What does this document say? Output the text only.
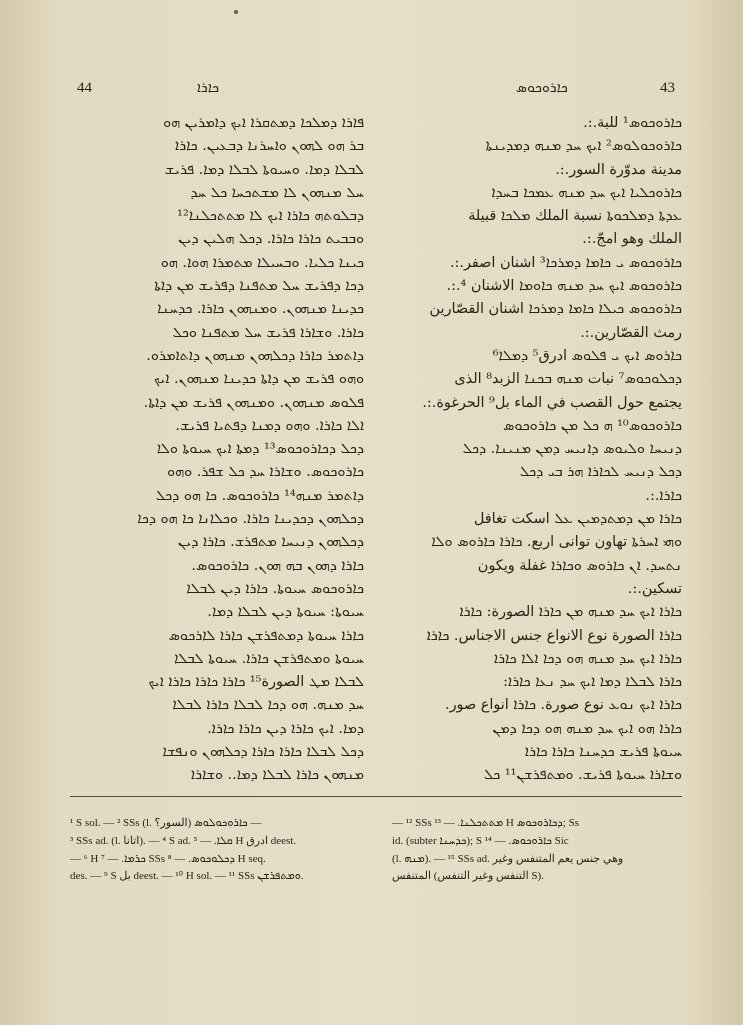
44	ܟܐܪܐ	ܟܐܪܘܟܘܣ	43
ܦܐܪܐ ܕܡܠܟܐ ܕܡܬܩܪܐ ܐܝܟ ܕܐܡܪܝܢ ܗܘ
ܒܪ ܗܘ ܠܗܘܢ ܘܐܚܪܢܐ ܕܒܥܝܢ. ܟܐܪܐ
ܠܒܠܐ ܕܡܐ. ܘܚܝܘܬܐ ܠܒܠܐ ܕܡܐ. ܦܪܝܫ
ܚܠ ܡܢܗܘܢ ܠܐ ܡܫܬܟܚܐ ܟܠ ܚܕ
ܕܒܠܘܬܗ ܟܐܪܐ ܐܝܟ ܠܐ ܡܬܬܟܠܢܐ¹²
ܘܒܒܝܬ ܟܐܪܐ ܟܐܪܐ. ܕܟܠ ܗܠܝܢ ܕܝܢ
ܟܝܢܐ ܟܠܝܐ. ܘܒܚܝܠܐ ܡܬܡܪܐ ܗܘܐ. ܗܘ
ܕܟܐ ܕܦܪܝܫ ܚܠ ܡܬܦܢܐ ܕܦܪܝܫ ܡܢ ܕܐܬܐ
ܟܕܝܢܐ ܡܢܗܘܢ. ܘܡܢܗܘܢ ܟܐܪܐ. ܟܕܚܢܐ
ܟܐܪܐ. ܘܫܐܪܐ ܦܪܝܫ ܚܠ ܡܬܦܢܐ ܘܟܠ
ܕܐܬܡܪ ܟܐܪܐ ܕܟܠܗܘܢ ܡܢܗܘܢ ܕܐܬܐܡܪܘ.
ܘܗܘ ܦܪܝܫ ܡܢ ܕܐܬܐ ܟܕܝܢܐ ܡܢܗܘܢ. ܐܝܟ
ܦܠܘܣ ܡܢܗܘܢ. ܘܡܢܗܘܢ ܦܪܝܫ ܡܢ ܕܐܬܐ.
ܐܠܐ ܟܐܪܐ. ܘܗܘ ܕܡܢܐ ܕܦܬܝܐ ܦܪܝܫ.
ܕܟܠ ܕܟܐܪܘܟܘܣ¹³ ܕܡܬܐ ܐܝܟ ܚܝܘܬܐ ܘܠܐ
ܟܐܪܘܟܘܣ. ܘܫܐܪܐ ܚܕ ܟܠ ܫܦܪ. ܘܗܘ
ܕܐܬܡܪ ܡܢܗ¹⁴ ܟܐܪܘܟܘܣ. ܟܐ ܗܘ ܕܟܠ
ܕܟܠܗܘܢ ܕܟܕܝܢܐ ܟܐܪܐ. ܘܟܠܐܢܐ ܟܐ ܗܘ ܕܟܐ
ܕܟܠܗܘܢ ܕܢܝܚܐ ܡܬܦܪܫ. ܟܐܪܐ ܕܝܢ
ܟܐܪܐ ܕܗܘܢ ܒܗ ܗܘܢ. ܟܐܪܘܟܘܣ.
ܟܐܪܘܟܘܣ ܚܝܘܬܐ. ܟܐܪܐ ܕܝܢ ܠܒܠܐ
ܚܝܘܬܐ: ܚܝܘܬܐ ܕܝܢ ܠܒܠܐ ܕܡܐ.
ܟܐܪܐ ܚܝܘܬܐ ܕܡܬܦܪܫܢ ܟܐܪܐ ܠܐܪܟܘܣ
ܚܝܘܬܐ ܘܡܬܦܪܫܢ ܟܐܪܐ. ܚܝܘܬܐ ܠܒܠܐ
ܠܒܠܐ ܡܛ الصورة¹⁵ ܟܐܪܐ ܟܐܪܐ ܟܐܪܐ ܐܝܟ
ܚܕ ܡܢܗ. ܗܘ ܕܟܐ ܠܒܠܐ ܟܐܪܐ ܠܒܠܐ
ܕܡܐ. ܐܝܟ ܟܐܪܐ ܕܝܢ ܟܐܪܐ ܟܐܪܐ.
ܕܟܠ ܠܒܠܐ ܟܐܪܐ ܟܐܪܐ ܕܟܠܗܘܢ ܘܢܦܫܐ
ܡܢܗܘܢ ܟܐܪܐ ܠܒܠܐ ܕܡܐ.. ܘܫܐܪܐ
ܟܐܪܘܟܘܣ¹ للبة.:.
ܟܐܪܘܟܘܠܘܣ² ܐܝܟ ܚܕ ܡܢܗ ܕܡܕܝܢܬܐ
مدينة مدوّرة السور.:.
ܟܐܪܘܟܠܝܐ ܐܝܟ ܚܕ ܡܢܗ ܥܡܟܐ ܒܚܕܐ
ܥܕܬܐ ܕܡܠܟܘܬܐ نسبة الملك ܡܠܟܐ قبيلة
الملك وهو امجّ.:.
ܟܐܪܘܟܘܣ ܝ ܟܐܡܐ ܕܡܪܟܐ³ اشنان اصفر.:.
ܟܐܪܘܟܘܣ ܐܝܟ ܚܕ ܡܢܗ ܟܐܘܡܐ الاشنان ⁴.:.
ܟܐܪܘܟܘܣ ܟܝܠܐ ܟܐܡܐ ܕܡܪܟܐ اشنان القصّارين
رمث القصّارين.:.
ܟܐܪܘܣ ܐܝܟ ܝ ܦܠܘܣ ادرق⁵ ܕܡܠܐ⁶
ܕܟܠܘܟܘܣ⁷ نبات ܡܢܗ ܒܟܢܐ الزبد⁸ الذى
يجتمع حول القصب في الماء بل⁹ الحرغوة.:.
ܟܐܪܘܟܘܣ¹⁰ ܗ ܟܠ ܡܢ ܟܐܪܘܟܘܣ
ܕܢܝܚܐ ܘܠܝܘܣ ܕܐܢܝܚ ܕܡܢ ܡܢܝܢܐ. ܕܟܠ
ܕܟܠ ܕܢܝܚ ܠܟܐܪܐ ܗܪ ܒܝ ܕܟܠ
ܟܐܪܐ.:.
ܟܐܪܐ ܡܢ ܕܡܬܕܡܝܢ ܥܠ اسكت تغافل
ܘܗܝ ܐܚܪܬܐ تهاون توانى اربع. ܟܐܪܐ ܟܐܪܘܣ ܘܠܐ
ܢܬܚܕ. ܐܢ ܟܐܪܘܣ ܘܟܐܪܐ غفلة ويكون
تسكين.:.
ܟܐܪܐ ܐܝܟ ܚܕ ܡܢܗ ܡܢ ܟܐܪܐ الصورة: ܟܐܪܐ
ܟܐܪܐ الصورة نوع الانواع جنس الاجناس. ܟܐܪܐ
ܟܐܪܐ ܐܝܟ ܚܕ ܡܢܗ ܗܘ ܕܟܐ ܐܠܐ ܟܐܪܐ
ܟܐܪܐ ܠܒܠܐ ܕܡܐ ܐܝܟ ܚܕ ܢܥܐ ܟܐܪܐ:
ܟܐܪܐ ܐܝܟ ܢܘܥ نوع صورة. ܟܐܪܐ انواع صور.
ܟܐܪܐ ܗܘ ܐܝܟ ܚܕ ܡܢܗ ܗܘ ܕܟܐ ܕܡܢ
ܚܝܘܬܐ ܦܪܝܫ ܟܕܚܢܐ ܟܐܪܐ ܟܐܪܐ
ܘܫܐܪܐ ܚܝܘܬܐ ܦܪܝܫ. ܘܡܬܦܪܫܢ¹¹ ܟܠ
¹ S sol. — ² SSs (l. السور؟) ܟܐܪܘܟܘܠܘܣ —
³ SSs ad. (l. اتانا). — ⁴ S ad. ܩܠܐ. — ⁵ H ادرق deest.
— ⁶ H ܟܪܡܐ. — ⁷ SSs ܕܟܠܘܟܘܣ. — ⁸ H seq.
des. — ⁹ S بل deest. — ¹⁰ H sol. — ¹¹ SSs ܘܡܬܦܪܫܢ.
— ¹² SSs ܡܬܬܟܠܢܐ. — ¹³ H ܕܟܐܪܘܟܘܣ; Ss
id. (subter ܟܕܚܢܐ); S ܟܐܪܘܟܘܣ. — ¹⁴ Sic
(l. ܡܢܗ). — ¹⁵ SSs ad. وهي جنس يعم المتنفس وغير
المتنفس (التنفس وغير التنفس S).
